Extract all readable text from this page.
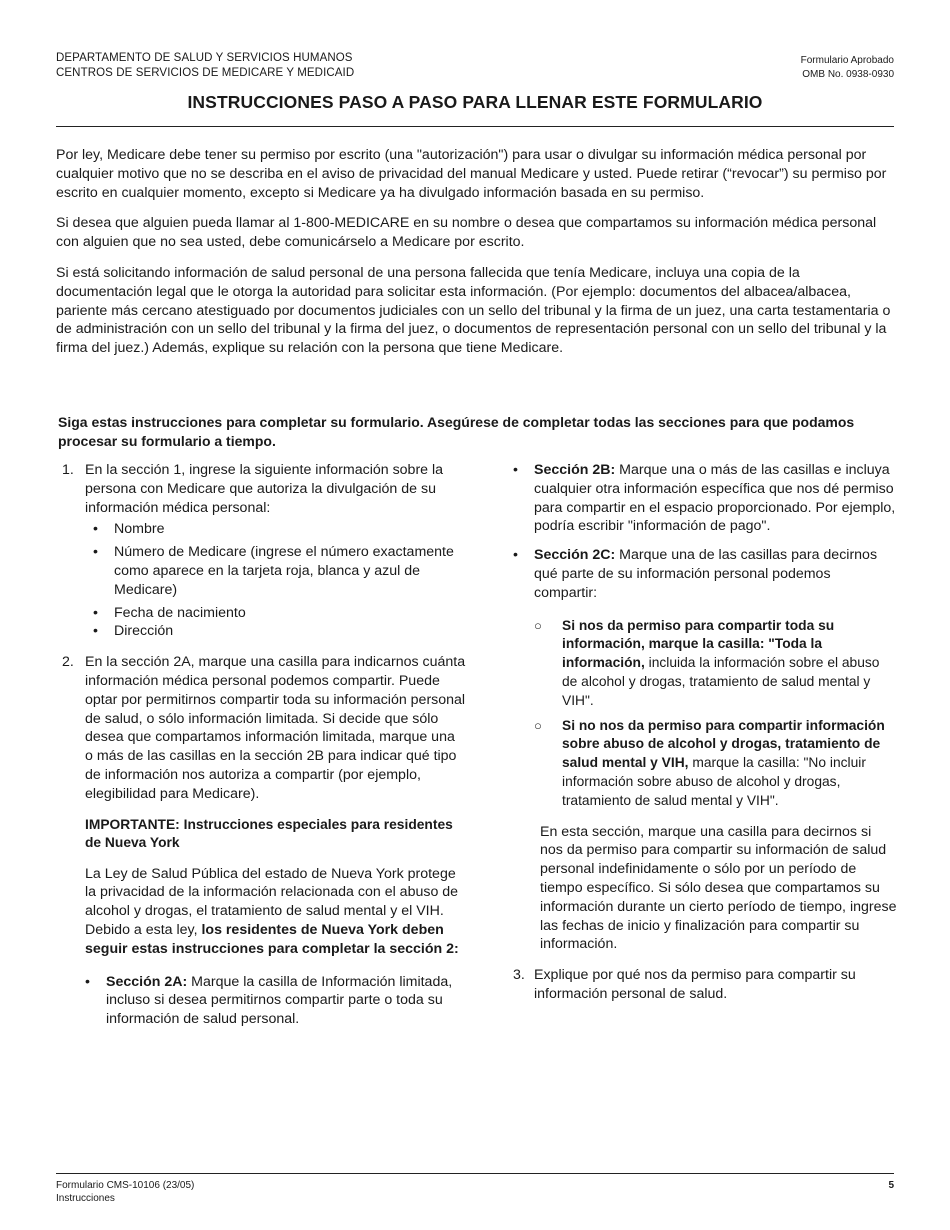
DEPARTAMENTO DE SALUD Y SERVICIOS HUMANOS
CENTROS DE SERVICIOS DE MEDICARE Y MEDICAID
Formulario Aprobado
OMB No. 0938-0930
INSTRUCCIONES PASO A PASO PARA LLENAR ESTE FORMULARIO

Por ley, Medicare debe tener su permiso por escrito (una "autorización") para usar o divulgar su información médica personal por cualquier motivo que no se describa en el aviso de privacidad del manual Medicare y usted. Puede retirar (“revocar”) su permiso por escrito en cualquier momento, excepto si Medicare ya ha divulgado información basada en su permiso.

Si desea que alguien pueda llamar al 1-800-MEDICARE en su nombre o desea que compartamos su información médica personal con alguien que no sea usted, debe comunicárselo a Medicare por escrito.

Si está solicitando información de salud personal de una persona fallecida que tenía Medicare, incluya una copia de la documentación legal que le otorga la autoridad para solicitar esta información. (Por ejemplo: documentos del albacea/albacea, pariente más cercano atestiguado por documentos judiciales con un sello del tribunal y la firma de un juez, una carta testamentaria o de administración con un sello del tribunal y la firma del juez, o documentos de representación personal con un sello del tribunal y la firma del juez.) Además, explique su relación con la persona que tiene Medicare.

Siga estas instrucciones para completar su formulario. Asegúrese de completar todas las secciones para que podamos procesar su formulario a tiempo.
1. En la sección 1, ingrese la siguiente información sobre la persona con Medicare que autoriza la divulgación de su información médica personal:
• Nombre
• Número de Medicare (ingrese el número exactamente como aparece en la tarjeta roja, blanca y azul de Medicare)
• Fecha de nacimiento
• Dirección
2. En la sección 2A, marque una casilla para indicarnos cuánta información médica personal podemos compartir. Puede optar por permitirnos compartir toda su información personal de salud, o sólo información limitada. Si decide que sólo desea que compartamos información limitada, marque una o más de las casillas en la sección 2B para indicar qué tipo de información nos autoriza a compartir (por ejemplo, elegibilidad para Medicare).
IMPORTANTE: Instrucciones especiales para residentes de Nueva York
La Ley de Salud Pública del estado de Nueva York protege la privacidad de la información relacionada con el abuso de alcohol y drogas, el tratamiento de salud mental y el VIH. Debido a esta ley, los residentes de Nueva York deben seguir estas instrucciones para completar la sección 2:
• Sección 2A: Marque la casilla de Información limitada, incluso si desea permitirnos compartir parte o toda su información de salud personal.
• Sección 2B: Marque una o más de las casillas e incluya cualquier otra información específica que nos dé permiso para compartir en el espacio proporcionado. Por ejemplo, podría escribir "información de pago".
• Sección 2C: Marque una de las casillas para decirnos qué parte de su información personal podemos compartir:
○ Si nos da permiso para compartir toda su información, marque la casilla: "Toda la información, incluida la información sobre el abuso de alcohol y drogas, tratamiento de salud mental y VIH".
○ Si no nos da permiso para compartir información sobre abuso de alcohol y drogas, tratamiento de salud mental y VIH, marque la casilla: "No incluir información sobre abuso de alcohol y drogas, tratamiento de salud mental y VIH".
En esta sección, marque una casilla para decirnos si nos da permiso para compartir su información de salud personal indefinidamente o sólo por un período de tiempo específico. Si sólo desea que compartamos su información durante un cierto período de tiempo, ingrese las fechas de inicio y finalización para compartir su información.
3. Explique por qué nos da permiso para compartir su información personal de salud.
Formulario CMS-10106 (23/05)
Instrucciones
5
